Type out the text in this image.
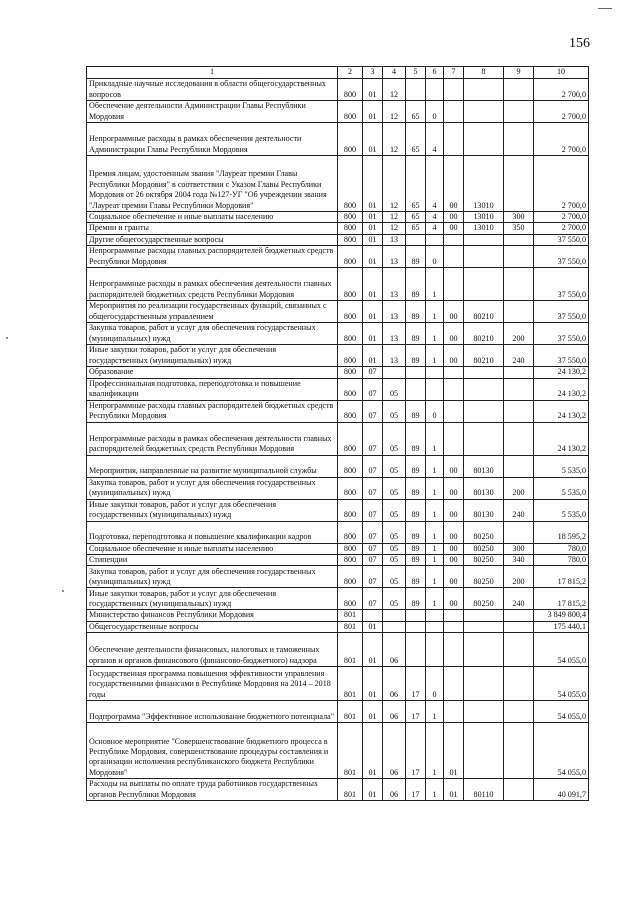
156
1	2	3	4	5	6	7	8	9	10
Прикладные научные исследования в области общегосударственных вопросов	800	01	12						2 700,0
Обеспечение деятельности Администрации Главы Республики Мордовия	800	01	12	65	0				2 700,0
Непрограммные расходы в рамках обеспечения деятельности Администрации Главы Республики Мордовия	800	01	12	65	4				2 700,0
Премия лицам, удостоенным звания "Лауреат премии Главы Республики Мордовия" в соответствии с Указом Главы Республики Мордовия от 26 октября 2004 года №127-УГ "Об учреждении звания "Лауреат премии Главы Республики Мордовия"	800	01	12	65	4	00	13010		2 700,0
Социальное обеспечение и иные выплаты населению	800	01	12	65	4	00	13010	300	2 700,0
Премии и гранты	800	01	12	65	4	00	13010	350	2 700,0
Другие общегосударственные вопросы	800	01	13						37 550,0
Непрограммные расходы главных распорядителей бюджетных средств Республики Мордовия	800	01	13	89	0				37 550,0
Непрограммные расходы в рамках обеспечения деятельности главных распорядителей бюджетных средств Республики Мордовия	800	01	13	89	1				37 550,0
Мероприятия по реализации государственных функций, связанных с общегосударственным управлением	800	01	13	89	1	00	80210		37 550,0
Закупка товаров, работ и услуг для обеспечения государственных (муниципальных) нужд	800	01	13	89	1	00	80210	200	37 550,0
Иные закупки товаров, работ и услуг для обеспечения государственных (муниципальных) нужд	800	01	13	89	1	00	80210	240	37 550,0
Образование	800	07							24 130,2
Профессиональная подготовка, переподготовка и повышение квалификации	800	07	05						24 130,2
Непрограммные расходы главных распорядителей бюджетных средств Республики Мордовия	800	07	05	89	0				24 130,2
Непрограммные расходы в рамках обеспечения деятельности главных распорядителей бюджетных средств Республики Мордовия	800	07	05	89	1				24 130,2
Мероприятия, направленные на развитие муниципальной службы	800	07	05	89	1	00	80130		5 535,0
Закупка товаров, работ и услуг для обеспечения государственных (муниципальных) нужд	800	07	05	89	1	00	80130	200	5 535,0
Иные закупки товаров, работ и услуг для обеспечения государственных (муниципальных) нужд	800	07	05	89	1	00	80130	240	5 535,0
Подготовка, переподготовка и повышение квалификации кадров	800	07	05	89	1	00	80250		18 595,2
Социальное обеспечение и иные выплаты населению	800	07	05	89	1	00	80250	300	780,0
Стипендии	800	07	05	89	1	00	80250	340	780,0
Закупка товаров, работ и услуг для обеспечения государственных (муниципальных) нужд	800	07	05	89	1	00	80250	200	17 815,2
Иные закупки товаров, работ и услуг для обеспечения государственных (муниципальных) нужд	800	07	05	89	1	00	80250	240	17 815,2
Министерство финансов Республики Мордовия	801								3 849 800,4
Общегосударственные вопросы	801	01							175 440,1
Обеспечение деятельности финансовых, налоговых и таможенных органов и органов финансового (финансово-бюджетного) надзора	801	01	06						54 055,0
Государственная программа повышения эффективности управления государственными финансами в Республике Мордовия на 2014 – 2018 годы	801	01	06	17	0				54 055,0
Подпрограмма "Эффективное использование бюджетного потенциала"	801	01	06	17	1				54 055,0
Основное мероприятие "Совершенствование бюджетного процесса в Республике Мордовия, совершенствование процедуры составления и организации исполнения республиканского бюджета Республики Мордовия"	801	01	06	17	1	01			54 055,0
Расходы на выплаты по оплате труда работников государственных органов Республики Мордовия	801	01	06	17	1	01	80110		40 091,7
